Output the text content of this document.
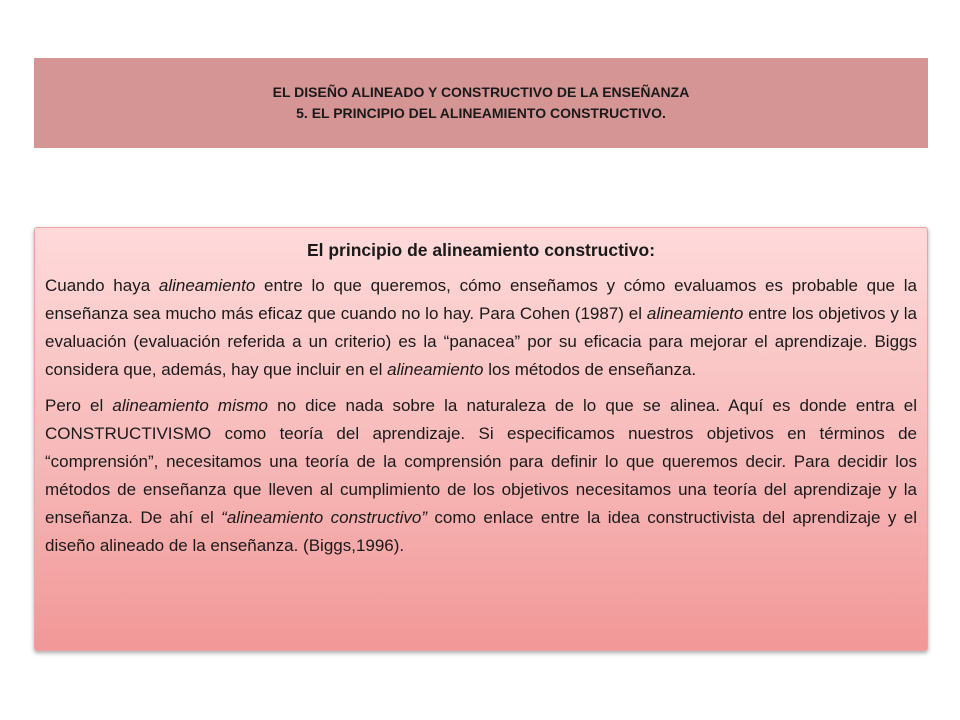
EL DISEÑO ALINEADO Y CONSTRUCTIVO DE LA ENSEÑANZA
5. EL PRINCIPIO DEL ALINEAMIENTO CONSTRUCTIVO.

El principio de alineamiento constructivo:

Cuando haya alineamiento entre lo que queremos, cómo enseñamos y cómo evaluamos es probable que la enseñanza sea mucho más eficaz que cuando no lo hay. Para Cohen (1987) el alineamiento entre los objetivos y la evaluación (evaluación referida a un criterio) es la “panacea” por su eficacia para mejorar el aprendizaje. Biggs considera que, además, hay que incluir en el alineamiento los métodos de enseñanza.

Pero el alineamiento mismo no dice nada sobre la naturaleza de lo que se alinea. Aquí es donde entra el CONSTRUCTIVISMO como teoría del aprendizaje. Si especificamos nuestros objetivos en términos de “comprensión”, necesitamos una teoría de la comprensión para definir lo que queremos decir. Para decidir los métodos de enseñanza que lleven al cumplimiento de los objetivos necesitamos una teoría del aprendizaje y la enseñanza. De ahí el “alineamiento constructivo” como enlace entre la idea constructivista del aprendizaje y el diseño alineado de la enseñanza. (Biggs,1996).
